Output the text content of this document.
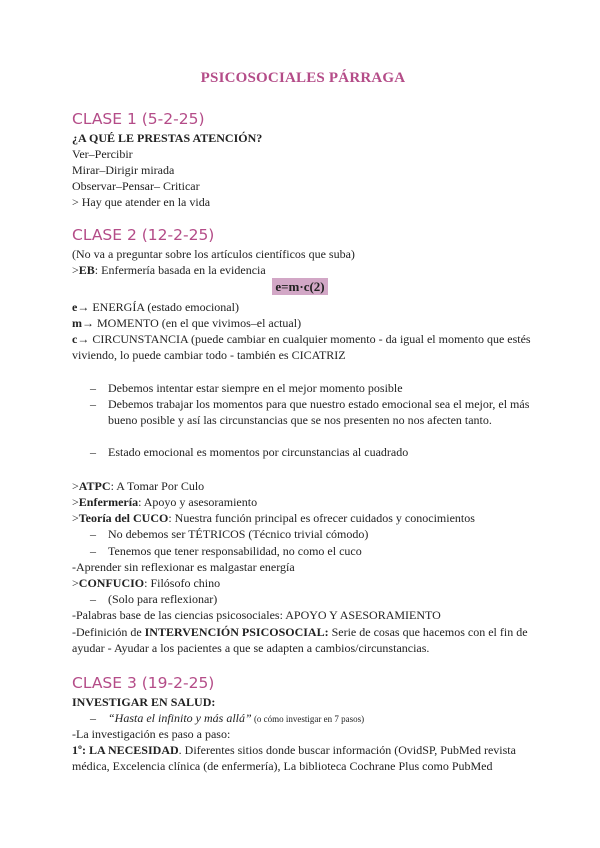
PSICOSOCIALES PÁRRAGA
CLASE 1 (5-2-25)
¿A QUÉ LE PRESTAS ATENCIÓN?
Ver–Percibir
Mirar–Dirigir mirada
Observar–Pensar– Criticar
> Hay que atender en la vida
CLASE 2 (12-2-25)
(No va a preguntar sobre los artículos científicos que suba)
>EB: Enfermería basada en la evidencia
e=m·c(2)
e→ ENERGÍA (estado emocional)
m→ MOMENTO (en el que vivimos–el actual)
c→ CIRCUNSTANCIA (puede cambiar en cualquier momento - da igual el momento que estés viviendo, lo puede cambiar todo - también es CICATRIZ
– Debemos intentar estar siempre en el mejor momento posible
– Debemos trabajar los momentos para que nuestro estado emocional sea el mejor, el más bueno posible y así las circunstancias que se nos presenten no nos afecten tanto.
– Estado emocional es momentos por circunstancias al cuadrado
>ATPC: A Tomar Por Culo
>Enfermería: Apoyo y asesoramiento
>Teoría del CUCO: Nuestra función principal es ofrecer cuidados y conocimientos
– No debemos ser TÉTRICOS (Técnico trivial cómodo)
– Tenemos que tener responsabilidad, no como el cuco
-Aprender sin reflexionar es malgastar energía
>CONFUCIO: Filósofo chino
– (Solo para reflexionar)
-Palabras base de las ciencias psicosociales: APOYO Y ASESORAMIENTO
-Definición de INTERVENCIÓN PSICOSOCIAL: Serie de cosas que hacemos con el fin de ayudar - Ayudar a los pacientes a que se adapten a cambios/circunstancias.
CLASE 3 (19-2-25)
INVESTIGAR EN SALUD:
– “Hasta el infinito y más allá” (o cómo investigar en 7 pasos)
-La investigación es paso a paso:
1º: LA NECESIDAD. Diferentes sitios donde buscar información (OvidSP, PubMed revista médica, Excelencia clínica (de enfermería), La biblioteca Cochrane Plus como PubMed
